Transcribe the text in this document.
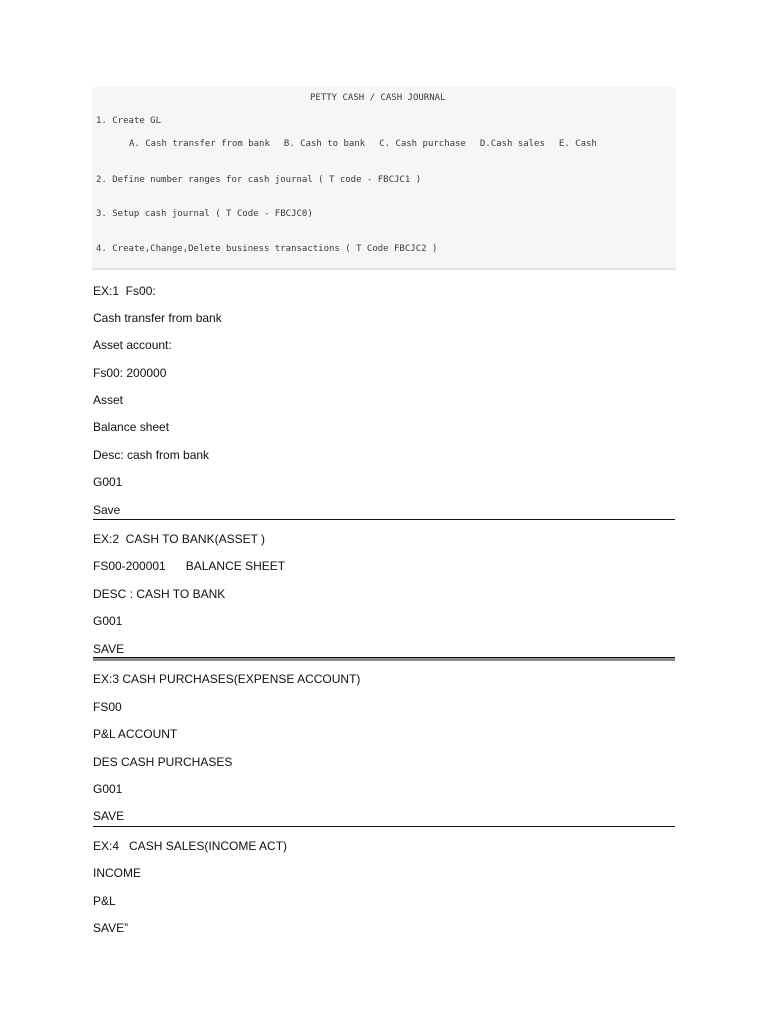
PETTY CASH / CASH JOURNAL
1. Create GL
A. Cash transfer from bank B. Cash to bank C. Cash purchase D.Cash sales E. Cash
2. Define number ranges for cash journal ( T code - FBCJC1 )
3. Setup cash journal ( T Code - FBCJC0)
4. Create,Change,Delete business transactions ( T Code FBCJC2 )
EX:1  Fs00:
Cash transfer from bank
Asset account:
Fs00: 200000
Asset
Balance sheet
Desc: cash from bank
G001
Save
EX:2  CASH TO BANK(ASSET )
FS00-200001      BALANCE SHEET
DESC : CASH TO BANK
G001
SAVE
EX:3 CASH PURCHASES(EXPENSE ACCOUNT)
FS00
P&L ACCOUNT
DES CASH PURCHASES
G001
SAVE
EX:4   CASH SALES(INCOME ACT)
INCOME
P&L
SAVE”
